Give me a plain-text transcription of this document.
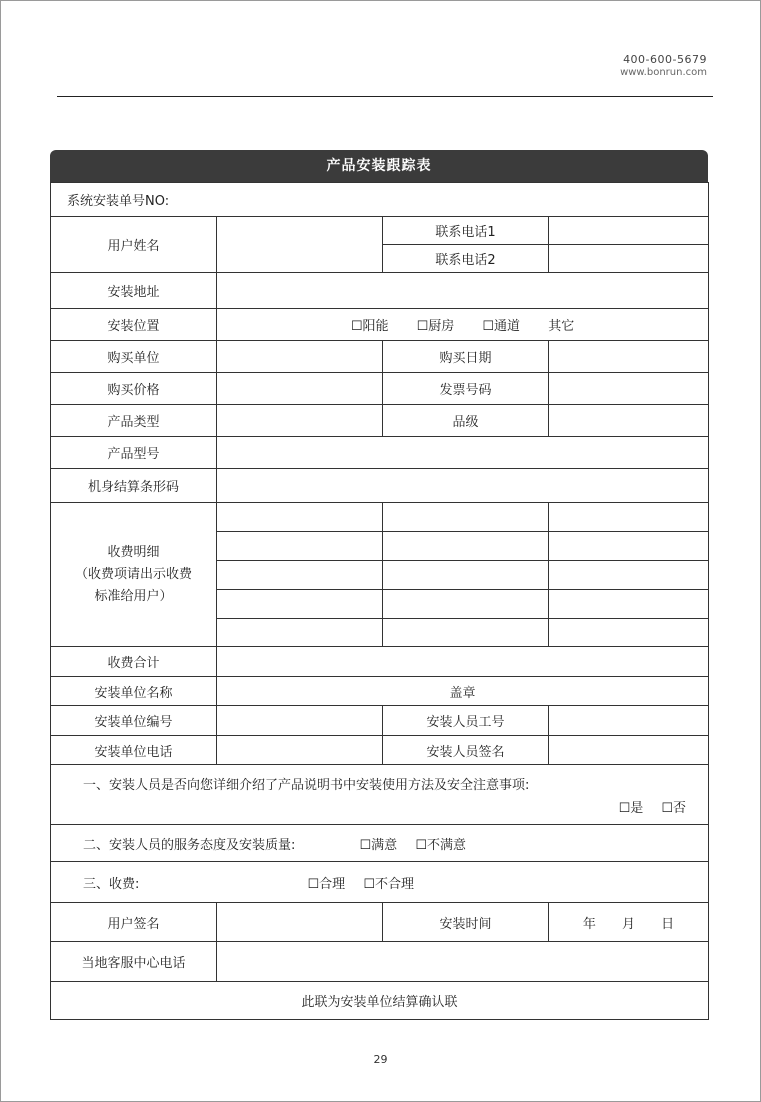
400-600-5679
www.bonrun.com
产品安装跟踪表
系统安装单号NO:			
用户姓名		联系电话1	
		联系电话2	
安装地址			
安装位置	☐阳能 ☐厨房 ☐通道 其它		
购买单位		购买日期	
购买价格		发票号码	
产品类型		品级	
产品型号			
机身结算条形码			

收费明细
（收费项请出示收费
标准给用户）			

收费合计			
安装单位名称	盖章		
安装单位编号		安装人员工号	
安装单位电话		安装人员签名	

一、安装人员是否向您详细介绍了产品说明书中安装使用方法及安全注意事项:
☐是 ☐否			

二、安装人员的服务态度及安装质量: ☐满意 ☐不满意			
三、收费: ☐合理 ☐不合理			
用户签名		安装时间	年 月 日
当地客服中心电话			
此联为安装单位结算确认联			
29
